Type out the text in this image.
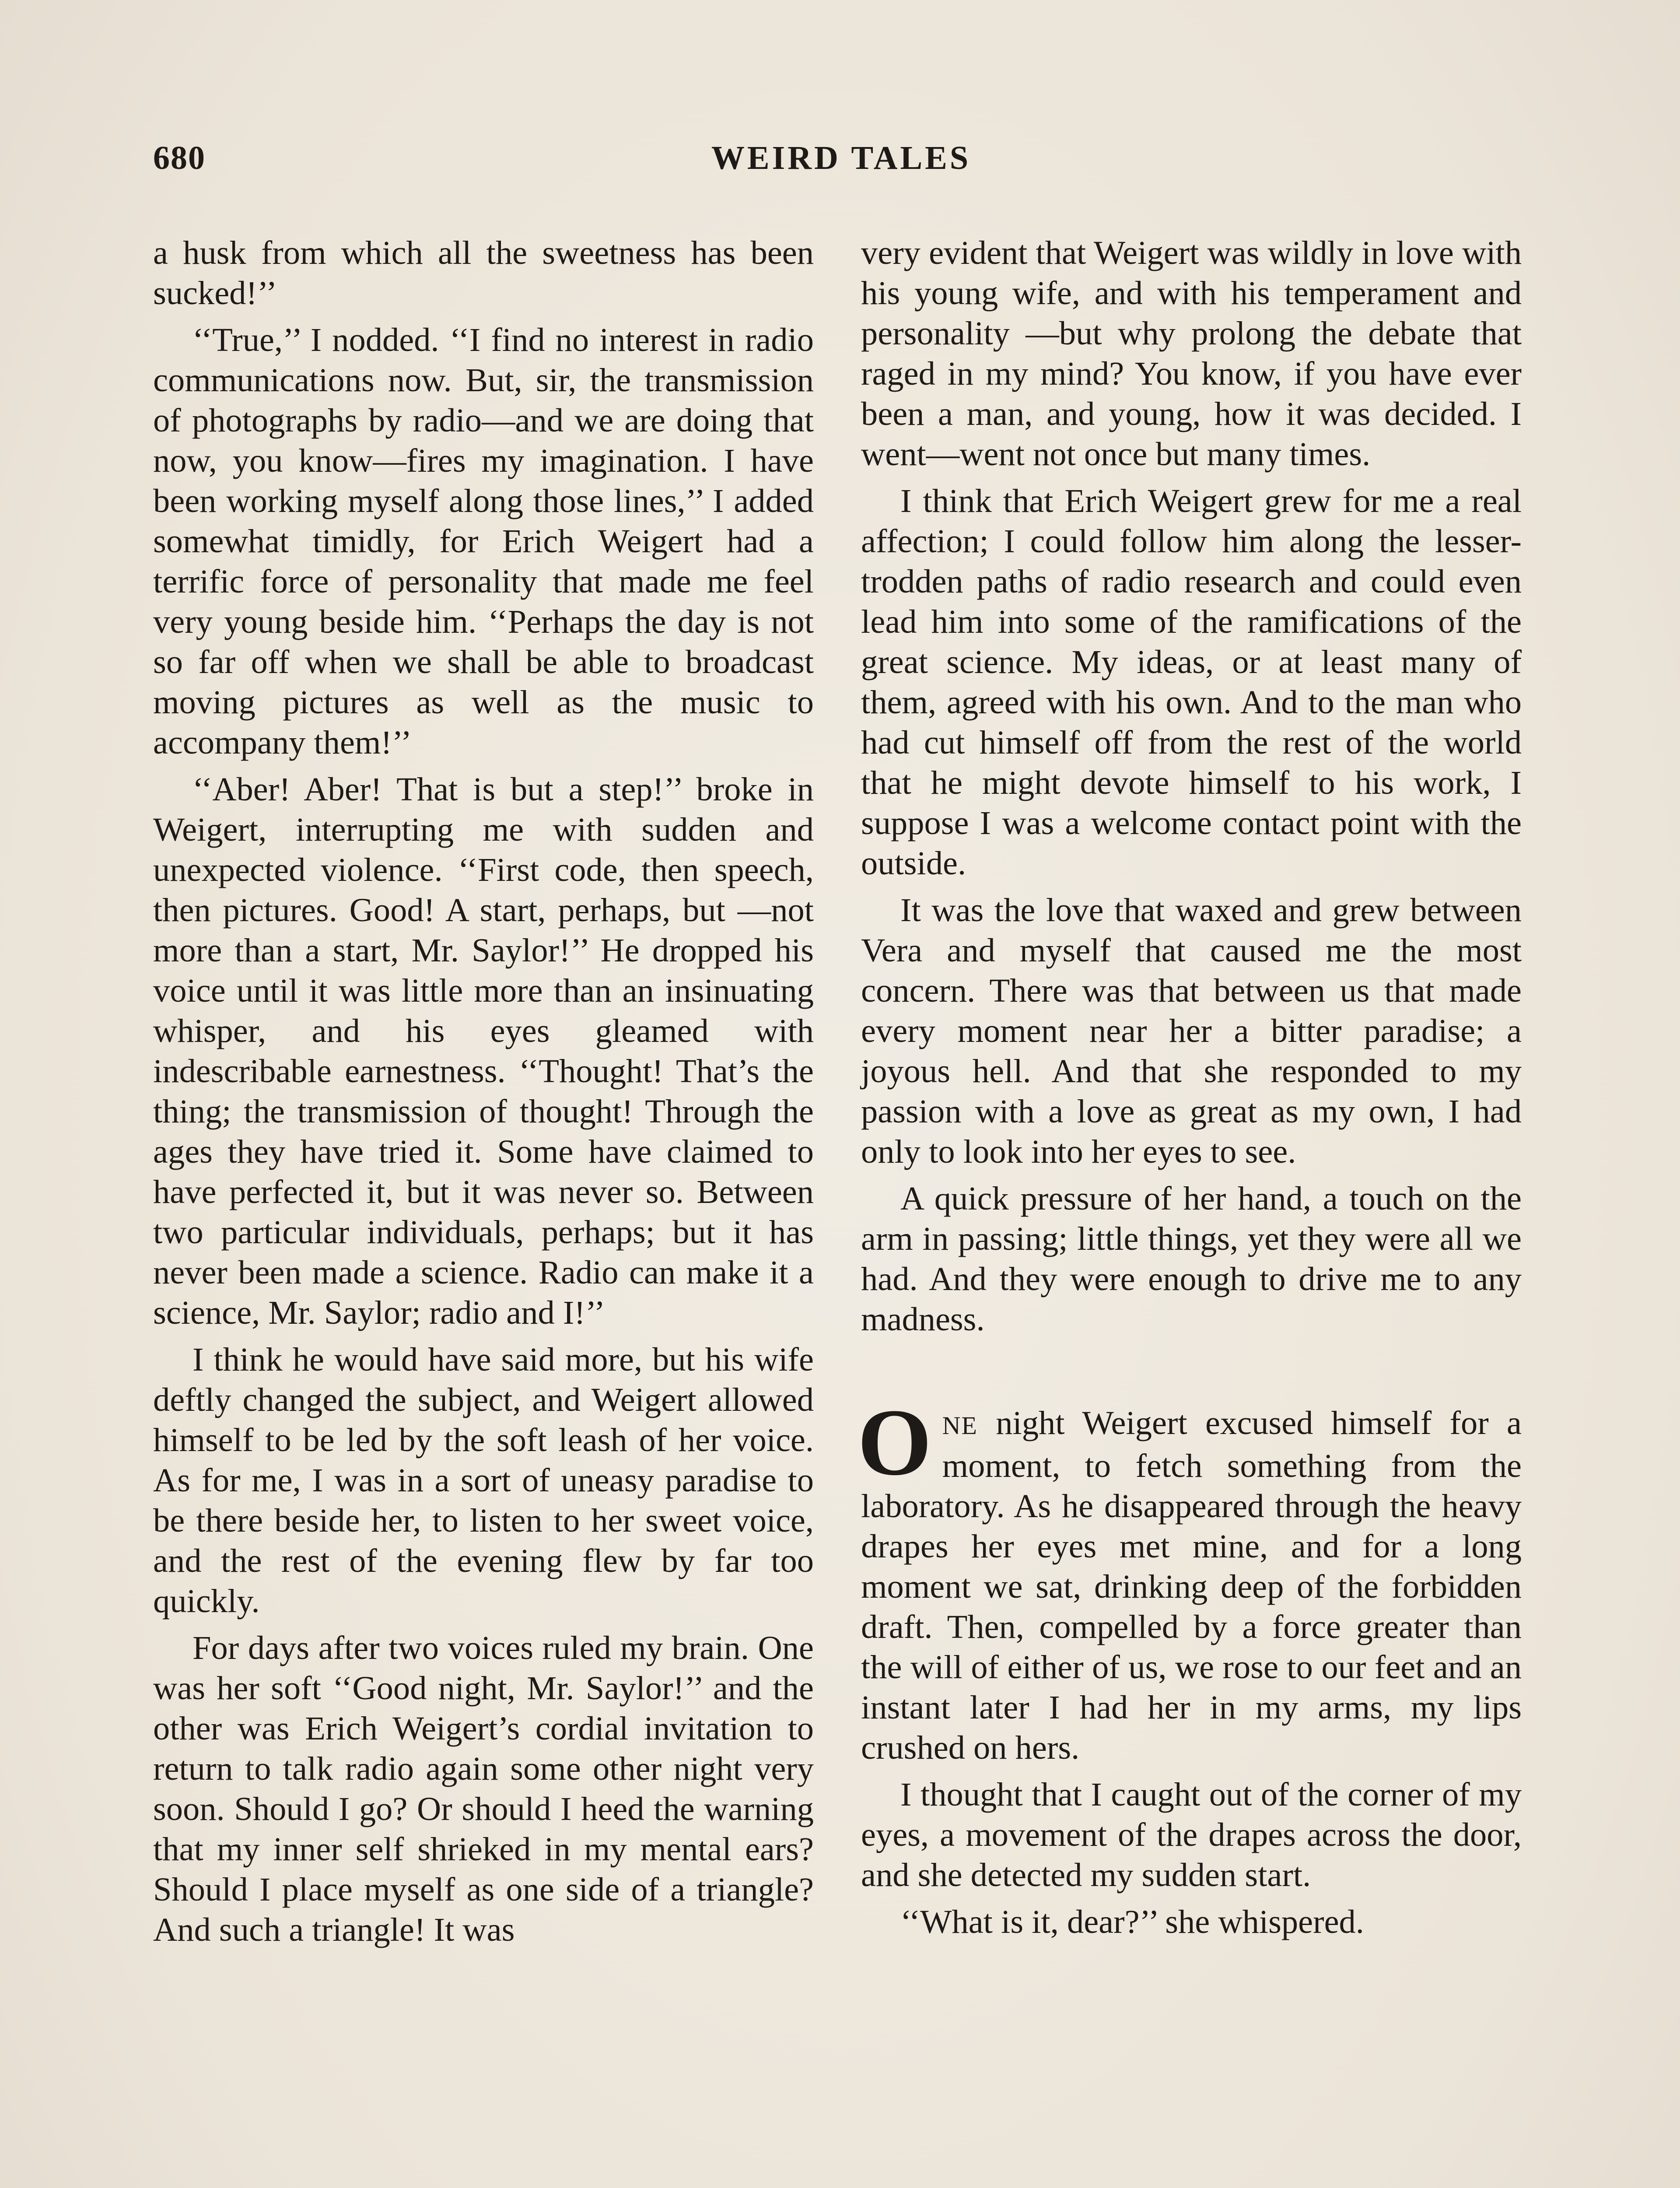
680	WEIRD TALES

a husk from which all the sweetness has been sucked!’’

‘‘True,’’ I nodded. ‘‘I find no interest in radio communications now. But, sir, the transmission of photographs by radio—and we are doing that now, you know—fires my imagination. I have been working myself along those lines,’’ I added somewhat timidly, for Erich Weigert had a terrific force of personality that made me feel very young beside him. ‘‘Perhaps the day is not so far off when we shall be able to broadcast moving pictures as well as the music to accompany them!’’

‘‘Aber! Aber! That is but a step!’’ broke in Weigert, interrupting me with sudden and unexpected violence. ‘‘First code, then speech, then pictures. Good! A start, perhaps, but —not more than a start, Mr. Saylor!’’ He dropped his voice until it was little more than an insinuating whisper, and his eyes gleamed with indescribable earnestness. ‘‘Thought! That’s the thing; the transmission of thought! Through the ages they have tried it. Some have claimed to have perfected it, but it was never so. Between two particular individuals, perhaps; but it has never been made a science. Radio can make it a science, Mr. Saylor; radio and I!’’

I think he would have said more, but his wife deftly changed the subject, and Weigert allowed himself to be led by the soft leash of her voice. As for me, I was in a sort of uneasy paradise to be there beside her, to listen to her sweet voice, and the rest of the evening flew by far too quickly.

For days after two voices ruled my brain. One was her soft ‘‘Good night, Mr. Saylor!’’ and the other was Erich Weigert’s cordial invitation to return to talk radio again some other night very soon. Should I go? Or should I heed the warning that my inner self shrieked in my mental ears? Should I place myself as one side of a triangle? And such a triangle! It was

very evident that Weigert was wildly in love with his young wife, and with his temperament and personality —but why prolong the debate that raged in my mind? You know, if you have ever been a man, and young, how it was decided. I went—went not once but many times.

I think that Erich Weigert grew for me a real affection; I could follow him along the lesser-trodden paths of radio research and could even lead him into some of the ramifications of the great science. My ideas, or at least many of them, agreed with his own. And to the man who had cut himself off from the rest of the world that he might devote himself to his work, I suppose I was a welcome contact point with the outside.

It was the love that waxed and grew between Vera and myself that caused me the most concern. There was that between us that made every moment near her a bitter paradise; a joyous hell. And that she responded to my passion with a love as great as my own, I had only to look into her eyes to see.

A quick pressure of her hand, a touch on the arm in passing; little things, yet they were all we had. And they were enough to drive me to any madness.

ONE night Weigert excused himself for a moment, to fetch something from the laboratory. As he disappeared through the heavy drapes her eyes met mine, and for a long moment we sat, drinking deep of the forbidden draft. Then, compelled by a force greater than the will of either of us, we rose to our feet and an instant later I had her in my arms, my lips crushed on hers.

I thought that I caught out of the corner of my eyes, a movement of the drapes across the door, and she detected my sudden start.

‘‘What is it, dear?’’ she whispered.
